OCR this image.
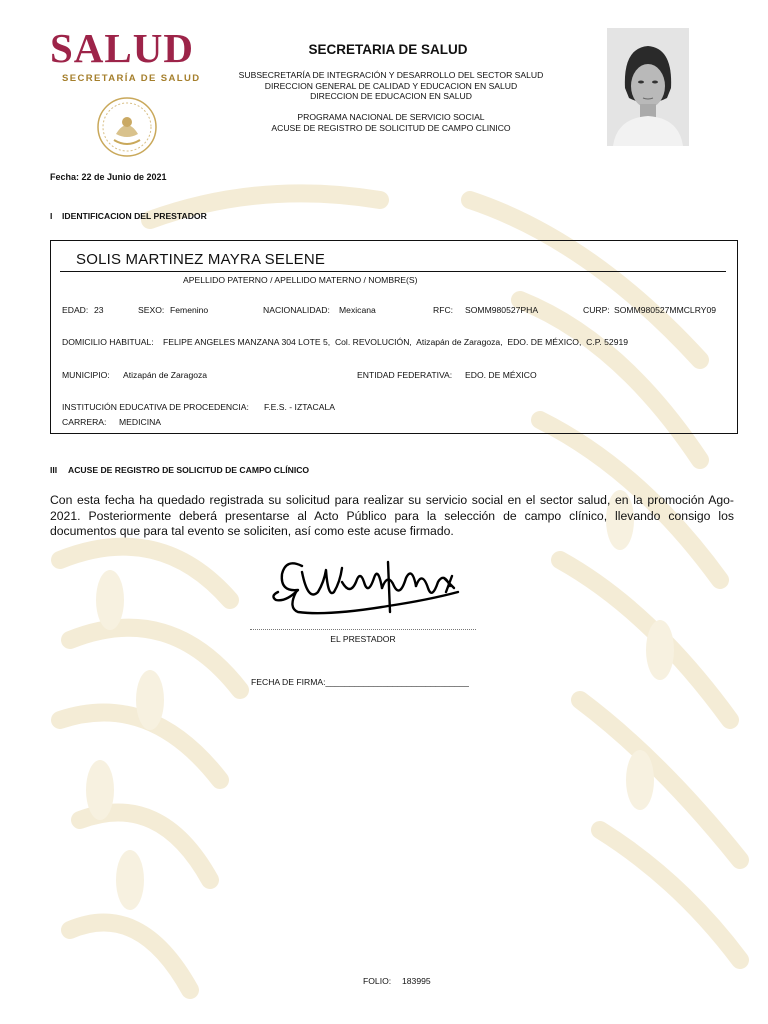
SALUD
SECRETARÍA DE SALUD
SECRETARIA DE SALUD
SUBSECRETARÍA DE INTEGRACIÓN Y DESARROLLO DEL SECTOR SALUD
DIRECCION GENERAL DE CALIDAD Y EDUCACION EN SALUD
DIRECCION DE EDUCACION EN SALUD
PROGRAMA NACIONAL DE SERVICIO SOCIAL
ACUSE DE REGISTRO DE SOLICITUD DE CAMPO CLINICO
Fecha: 22 de Junio de 2021
I IDENTIFICACION DEL PRESTADOR
SOLIS MARTINEZ MAYRA SELENE
APELLIDO PATERNO / APELLIDO MATERNO / NOMBRE(S)
EDAD: 23	SEXO: Femenino	NACIONALIDAD: Mexicana	RFC: SOMM980527PHA	CURP: SOMM980527MMCLRY09
DOMICILIO HABITUAL: FELIPE ANGELES MANZANA 304 LOTE 5,  Col. REVOLUCIÓN,  Atizapán de Zaragoza,  EDO. DE MÉXICO,  C.P. 52919
MUNICIPIO: Atizapán de Zaragoza	ENTIDAD FEDERATIVA: EDO. DE MÉXICO
INSTITUCIÓN EDUCATIVA DE PROCEDENCIA: F.E.S. - IZTACALA
CARRERA: MEDICINA
III ACUSE DE REGISTRO DE SOLICITUD DE CAMPO CLÍNICO
Con esta fecha ha quedado registrada su solicitud para realizar su servicio social en el sector salud, en la promoción Ago-2021. Posteriormente deberá presentarse al Acto Público para la selección de campo clínico, llevando consigo los documentos que para tal evento se soliciten, así como este acuse firmado.
EL PRESTADOR
FECHA DE FIRMA:______________________________
FOLIO: 183995
